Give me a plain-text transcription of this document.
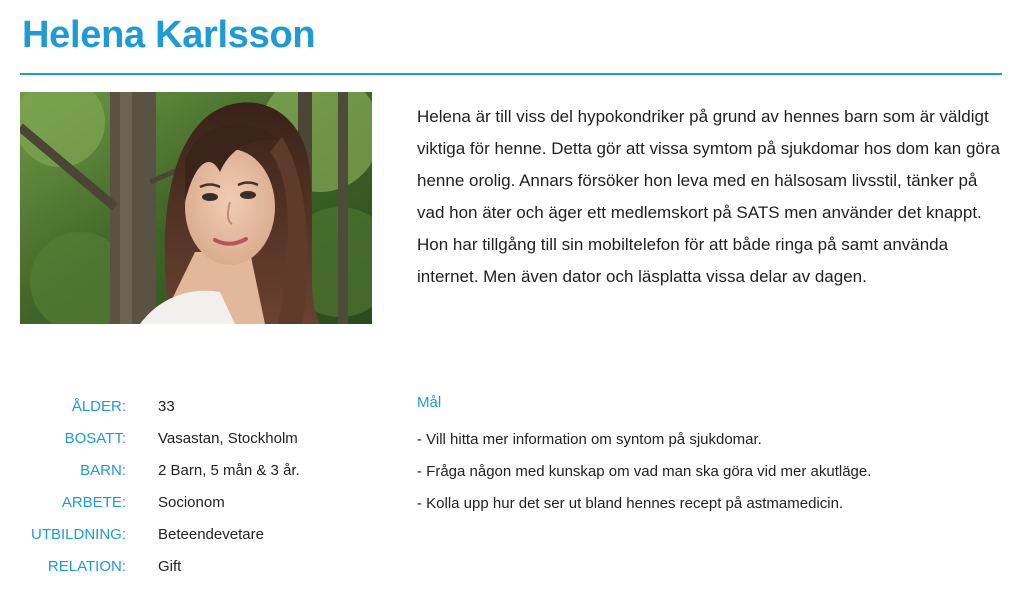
Helena Karlsson

Helena är till viss del hypokondriker på grund av hennes barn som är väldigt viktiga för henne. Detta gör att vissa symtom på sjukdomar hos dom kan göra henne orolig. Annars försöker hon leva med en hälsosam livsstil, tänker på vad hon äter och äger ett medlemskort på SATS men använder det knappt. Hon har tillgång till sin mobiltelefon för att både ringa på samt använda internet. Men även dator och läsplatta vissa delar av dagen.

ÅLDER: 33
BOSATT: Vasastan, Stockholm
BARN: 2 Barn, 5 mån & 3 år.
ARBETE: Socionom
UTBILDNING: Beteendevetare
RELATION: Gift
Mål
- Vill hitta mer information om syntom på sjukdomar.
- Fråga någon med kunskap om vad man ska göra vid mer akutläge.
- Kolla upp hur det ser ut bland hennes recept på astmamedicin.
